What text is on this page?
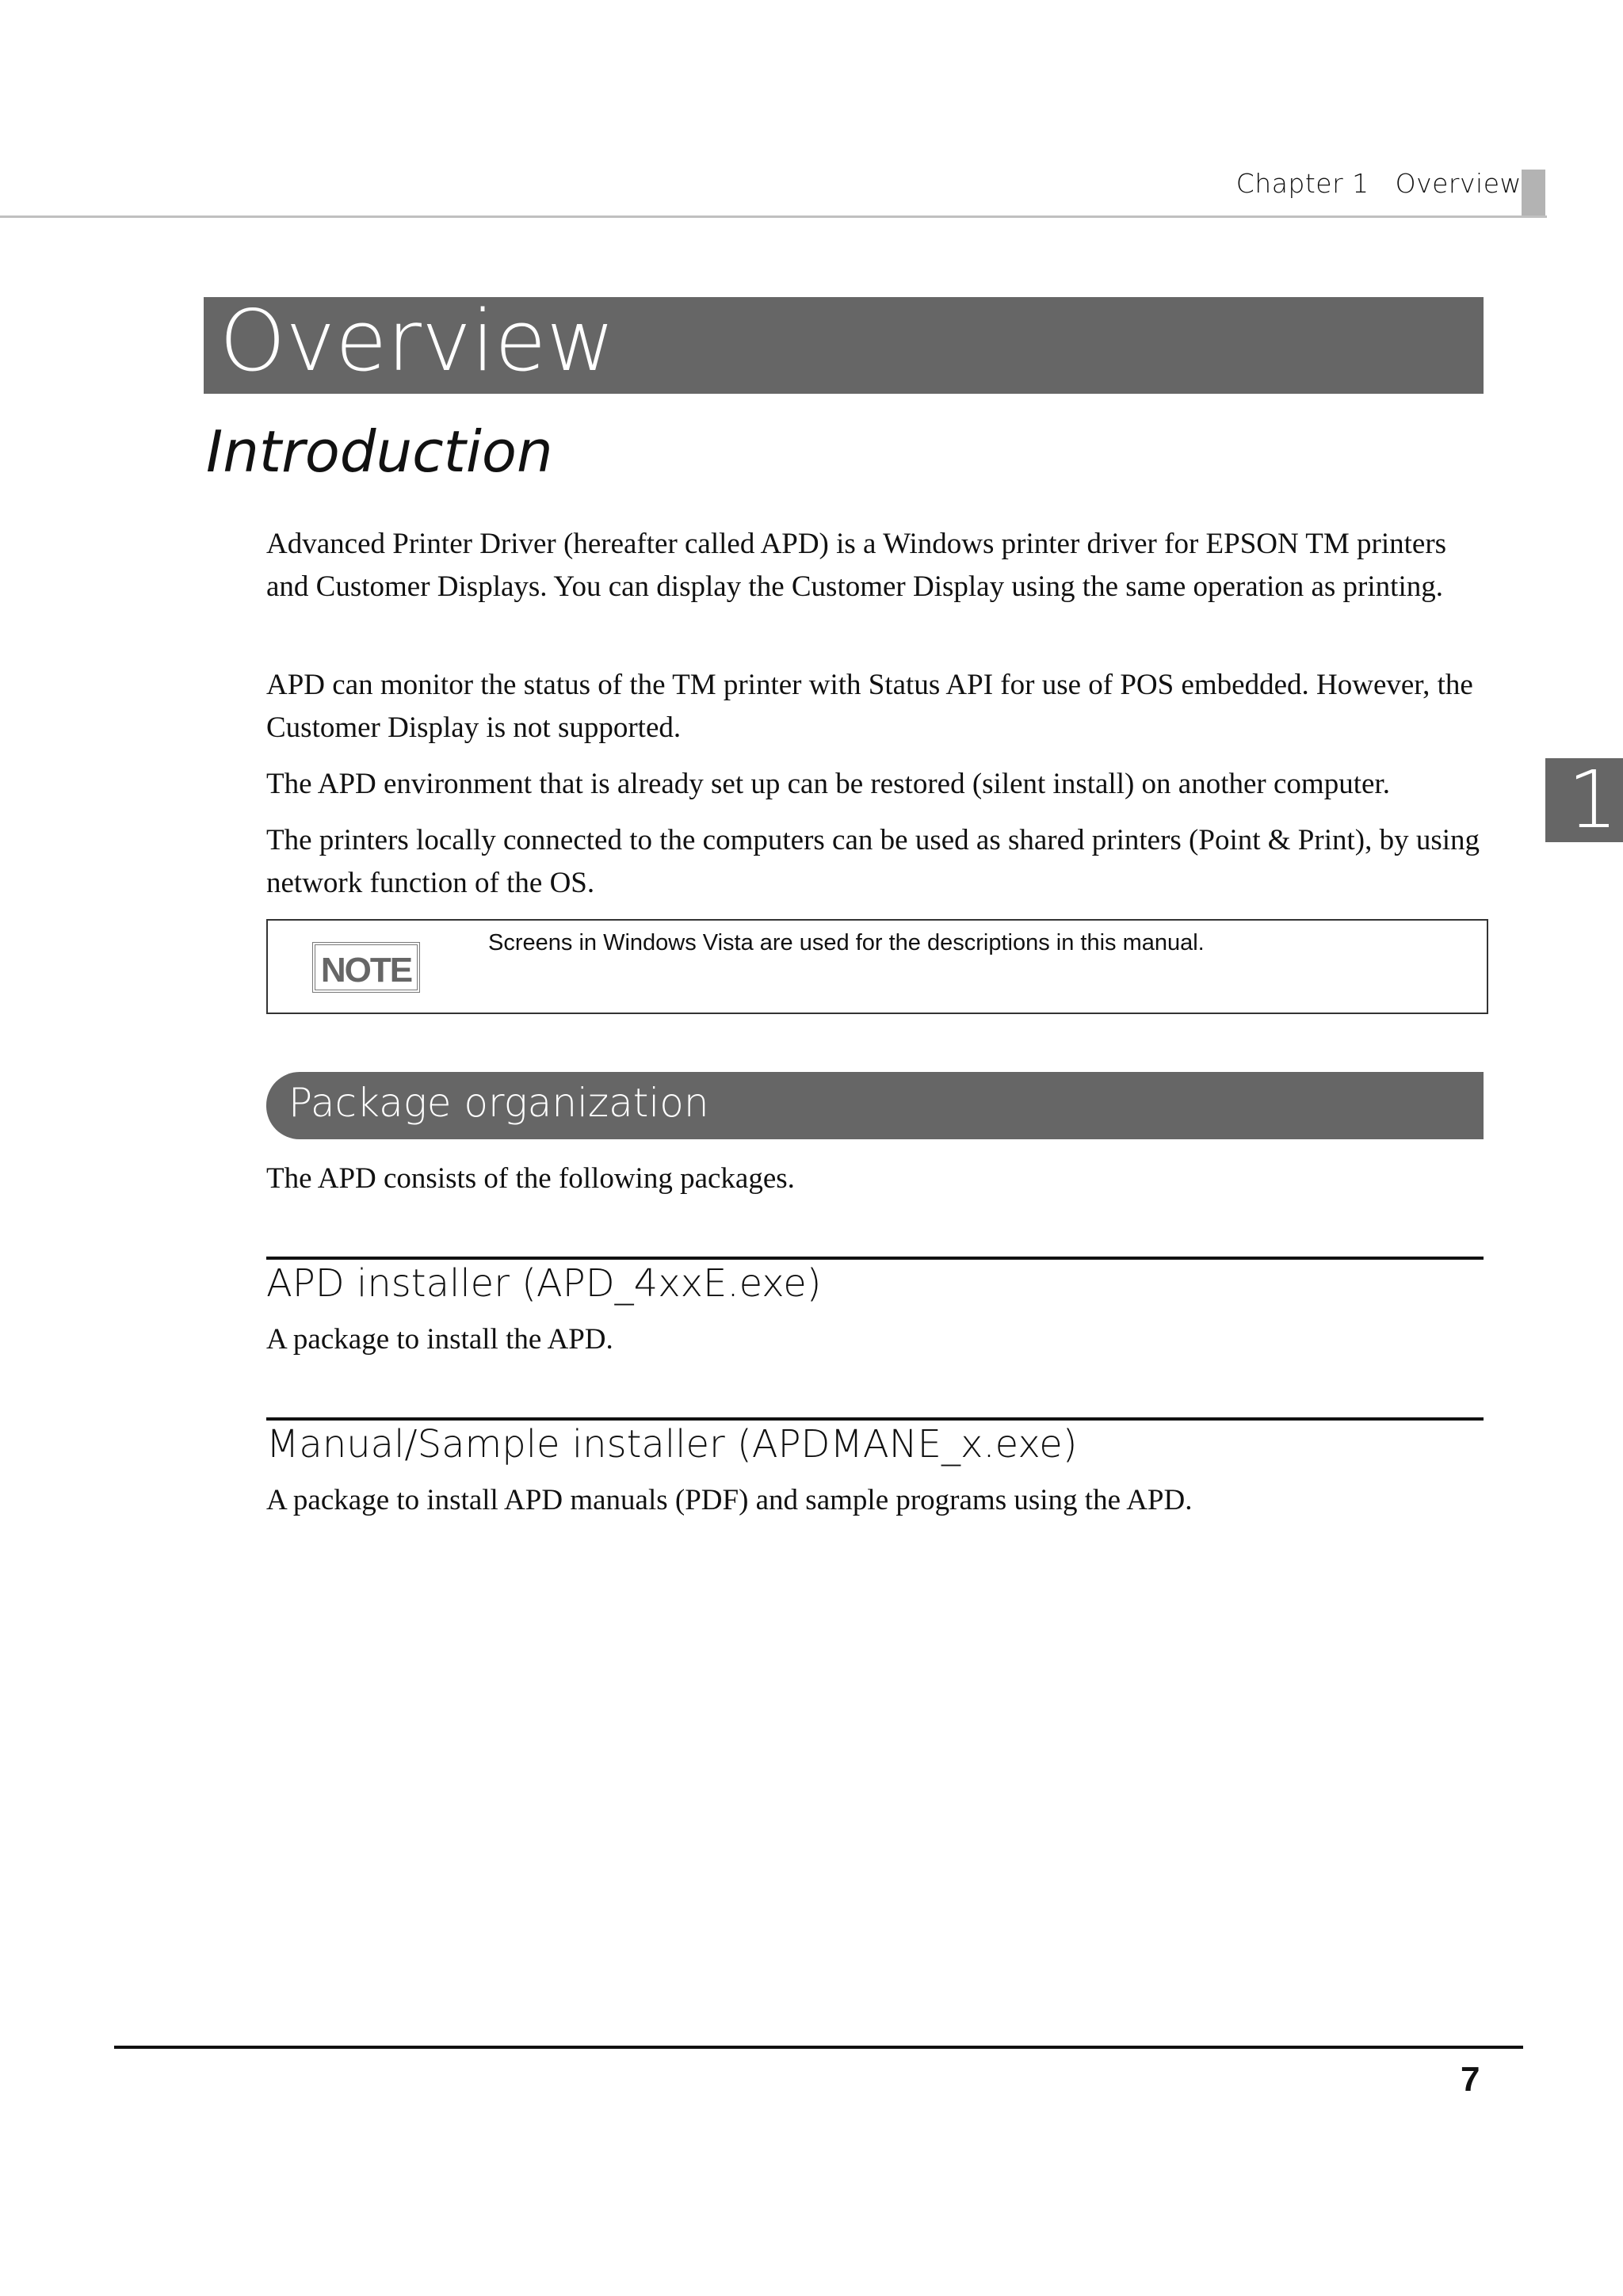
Chapter 1   Overview
1
Overview
Introduction
Advanced Printer Driver (hereafter called APD) is a Windows printer driver for EPSON TM printers and Customer Displays. You can display the Customer Display using the same operation as printing.
APD can monitor the status of the TM printer with Status API for use of POS embedded. However, the Customer Display is not supported.
The APD environment that is already set up can be restored (silent install) on another computer.
The printers locally connected to the computers can be used as shared printers (Point & Print), by using network function of the OS.
NOTE
Screens in Windows Vista are used for the descriptions in this manual.
Package organization
The APD consists of the following packages.
APD installer (APD_4xxE.exe)
A package to install the APD.
Manual/Sample installer (APDMANE_x.exe)
A package to install APD manuals (PDF) and sample programs using the APD.
7
